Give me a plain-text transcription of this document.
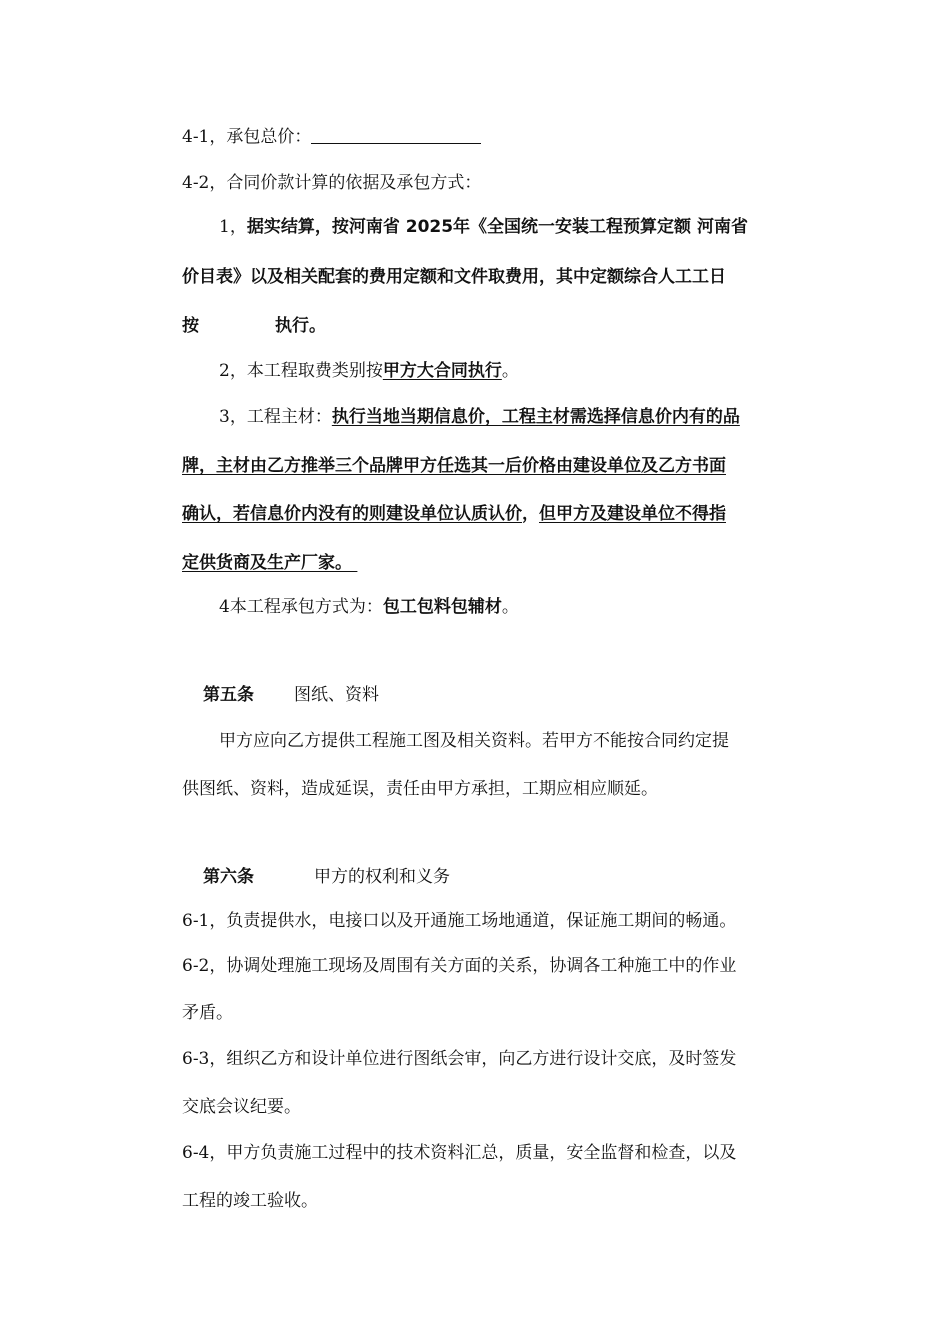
4-1，承包总价：
4-2，合同价款计算的依据及承包方式：
1，据实结算，按河南省 2025年《全国统一安装工程预算定额 河南省
价目表》以及相关配套的费用定额和文件取费用，其中定额综合人工工日
按	执行。
2，本工程取费类别按甲方大合同执行。
3，工程主材：执行当地当期信息价，工程主材需选择信息价内有的品
牌，主材由乙方推举三个品牌甲方任选其一后价格由建设单位及乙方书面
确认，若信息价内没有的则建设单位认质认价，但甲方及建设单位不得指
定供货商及生产厂家。
4本工程承包方式为：包工包料包辅材。
第五条 图纸、资料
甲方应向乙方提供工程施工图及相关资料。若甲方不能按合同约定提
供图纸、资料，造成延误，责任由甲方承担，工期应相应顺延。
第六条	甲方的权利和义务
6-1，负责提供水，电接口以及开通施工场地通道，保证施工期间的畅通。
6-2，协调处理施工现场及周围有关方面的关系，协调各工种施工中的作业
矛盾。
6-3，组织乙方和设计单位进行图纸会审，向乙方进行设计交底，及时签发
交底会议纪要。
6-4，甲方负责施工过程中的技术资料汇总，质量，安全监督和检查，以及
工程的竣工验收。
